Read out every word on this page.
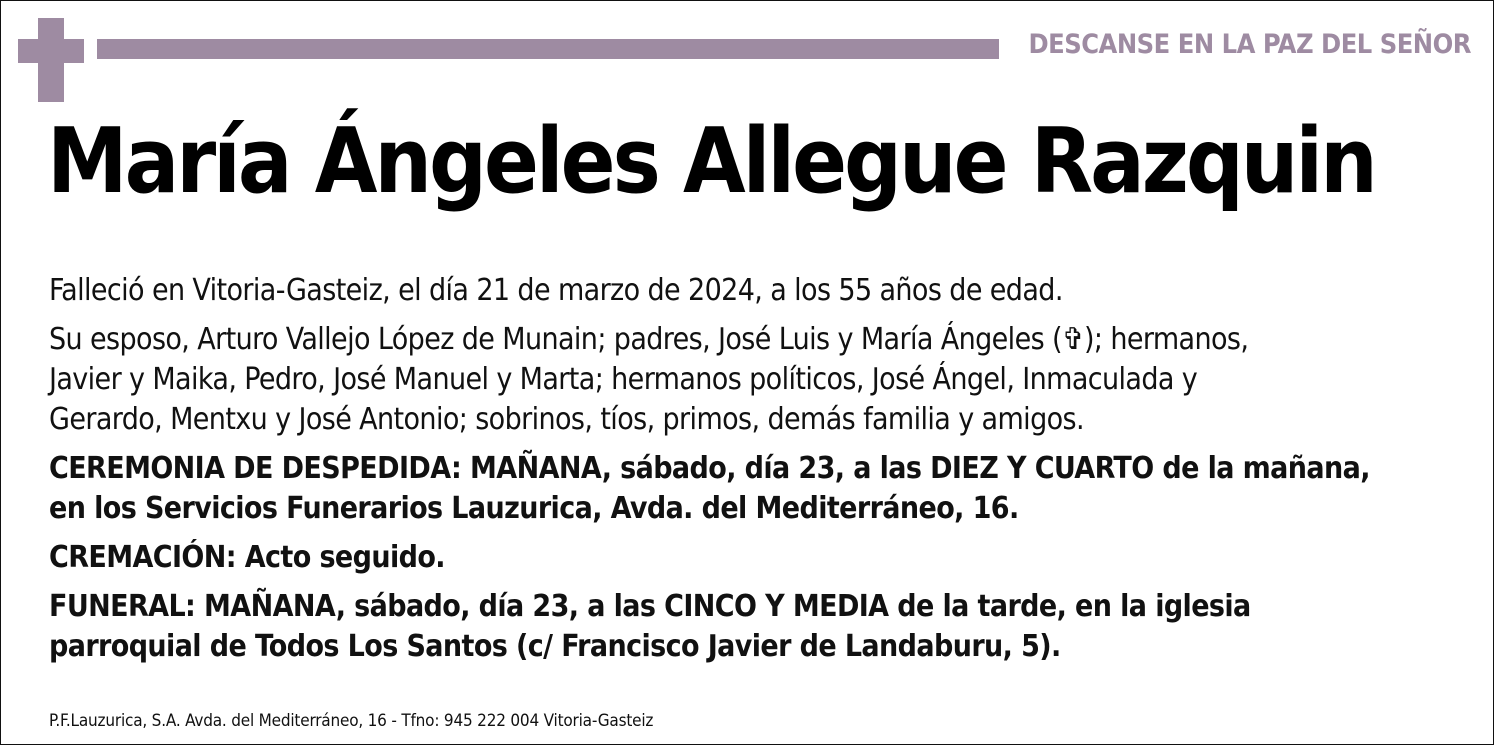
DESCANSE EN LA PAZ DEL SEÑOR
María Ángeles Allegue Razquin

Falleció en Vitoria-Gasteiz, el día 21 de marzo de 2024, a los 55 años de edad.

Su esposo, Arturo Vallejo López de Munain; padres, José Luis y María Ángeles (✞); hermanos,
Javier y Maika, Pedro, José Manuel y Marta; hermanos políticos, José Ángel, Inmaculada y
Gerardo, Mentxu y José Antonio; sobrinos, tíos, primos, demás familia y amigos.

CEREMONIA DE DESPEDIDA: MAÑANA, sábado, día 23, a las DIEZ Y CUARTO de la mañana,
en los Servicios Funerarios Lauzurica, Avda. del Mediterráneo, 16.

CREMACIÓN: Acto seguido.

FUNERAL: MAÑANA, sábado, día 23, a las CINCO Y MEDIA de la tarde, en la iglesia
parroquial de Todos Los Santos (c/ Francisco Javier de Landaburu, 5).

P.F.Lauzurica, S.A. Avda. del Mediterráneo, 16 - Tfno: 945 222 004 Vitoria-Gasteiz
